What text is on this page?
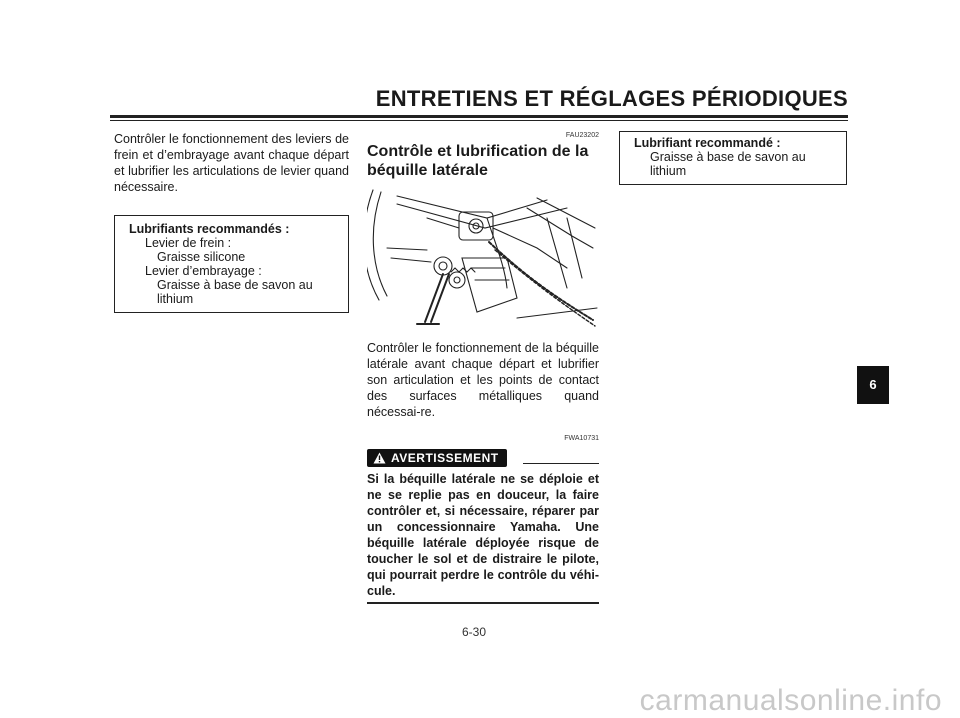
ENTRETIENS ET RÉGLAGES PÉRIODIQUES
Contrôler le fonctionnement des leviers de frein et d’embrayage avant chaque départ et lubrifier les articulations de levier quand nécessaire.
Lubrifiants recommandés :
Levier de frein :
Graisse silicone
Levier d’embrayage :
Graisse à base de savon au
lithium
FAU23202
Contrôle et lubrification de la
béquille latérale
Contrôler le fonctionnement de la béquille latérale avant chaque départ et lubrifier son articulation et les points de contact des surfaces métalliques quand nécessai-re.
FWA10731
AVERTISSEMENT
Si la béquille latérale ne se déploie et ne se replie pas en douceur, la faire contrôler et, si nécessaire, réparer par un concessionnaire Yamaha. Une béquille latérale déployée risque de toucher le sol et de distraire le pilote, qui pourrait perdre le contrôle du véhi-cule.
Lubrifiant recommandé :
Graisse à base de savon au
lithium
6
6-30
carmanualsonline.info
